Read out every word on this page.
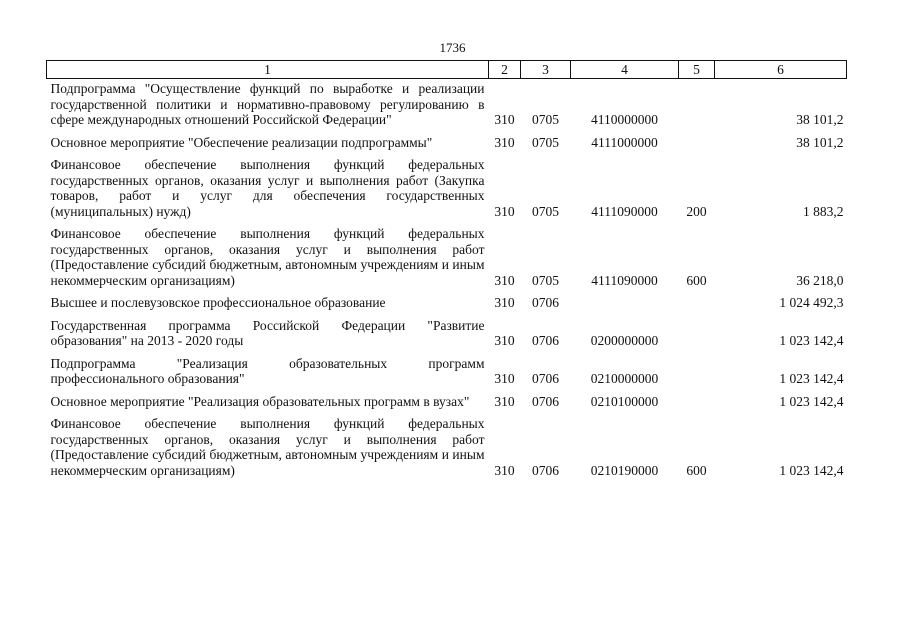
1736
1	2	3	4	5	6
Подпрограмма "Осуществление функций по выработке и реализации государственной политики и нормативно-правовому регулированию в сфере международных отношений Российской Федерации"	310	0705	4110000000		38 101,2
Основное мероприятие "Обеспечение реализации подпрограммы"	310	0705	4111000000		38 101,2
Финансовое обеспечение выполнения функций федеральных государственных органов, оказания услуг и выполнения работ (Закупка товаров, работ и услуг для обеспечения государственных (муниципальных) нужд)	310	0705	4111090000	200	1 883,2
Финансовое обеспечение выполнения функций федеральных государственных органов, оказания услуг и выполнения работ (Предоставление субсидий бюджетным, автономным учреждениям и иным некоммерческим организациям)	310	0705	4111090000	600	36 218,0
Высшее и послевузовское профессиональное образование	310	0706			1 024 492,3
Государственная программа Российской Федерации "Развитие образования" на 2013 - 2020 годы	310	0706	0200000000		1 023 142,4
Подпрограмма "Реализация образовательных программ профессионального образования"	310	0706	0210000000		1 023 142,4
Основное мероприятие "Реализация образовательных программ в вузах"	310	0706	0210100000		1 023 142,4
Финансовое обеспечение выполнения функций федеральных государственных органов, оказания услуг и выполнения работ (Предоставление субсидий бюджетным, автономным учреждениям и иным некоммерческим организациям)	310	0706	0210190000	600	1 023 142,4
